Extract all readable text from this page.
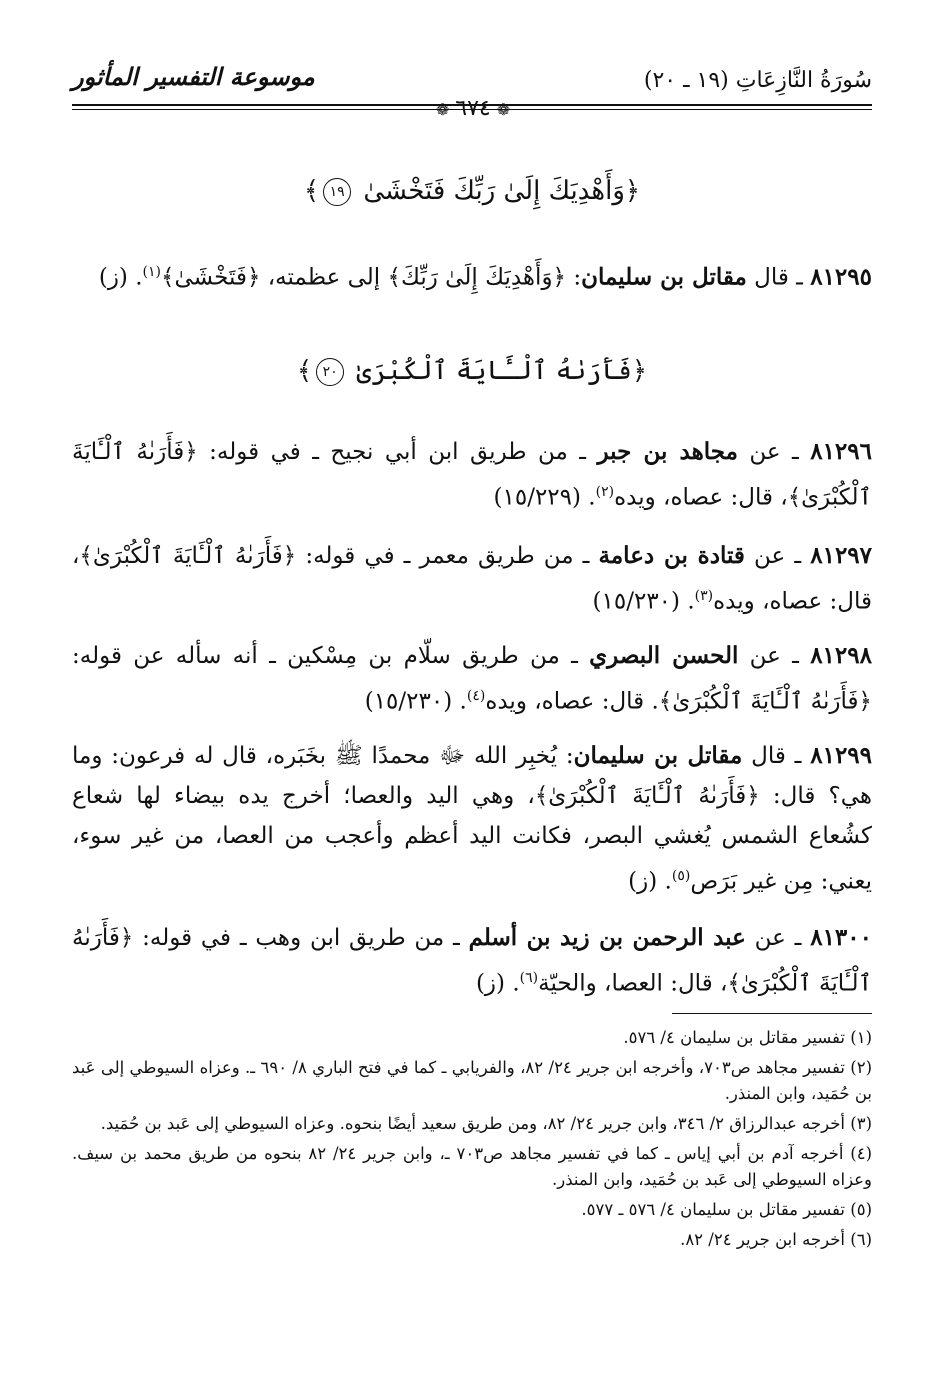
سُورَةُ النَّازِعَاتِ (١٩ ـ ٢٠)
موسوعة التفسير المأثور
❁٦٧٤❁
﴿وَأَهْدِيَكَ إِلَىٰ رَبِّكَ فَتَخْشَىٰ ١٩﴾
٨١٢٩٥ ـ قال مقاتل بن سليمان: ﴿وَأَهْدِيَكَ إِلَىٰ رَبِّكَ﴾ إلى عظمته، ﴿فَتَخْشَىٰ﴾$^{(١)}$. (ز)
﴿فَأَرَىٰهُ ٱلْـَٔايَةَ ٱلْكُبْرَىٰ ٢٠﴾
٨١٢٩٦ ـ عن مجاهد بن جبر ـ من طريق ابن أبي نجيح ـ في قوله: ﴿فَأَرَىٰهُ ٱلْـَٔايَةَ ٱلْكُبْرَىٰ﴾، قال: عصاه، ويده$^{(٢)}$. (١٥/٢٢٩)
٨١٢٩٧ ـ عن قتادة بن دعامة ـ من طريق معمر ـ في قوله: ﴿فَأَرَىٰهُ ٱلْـَٔايَةَ ٱلْكُبْرَىٰ﴾، قال: عصاه، ويده$^{(٣)}$. (١٥/٢٣٠)
٨١٢٩٨ ـ عن الحسن البصري ـ من طريق سلّام بن مِسْكين ـ أنه سأله عن قوله: ﴿فَأَرَىٰهُ ٱلْـَٔايَةَ ٱلْكُبْرَىٰ﴾. قال: عصاه، ويده$^{(٤)}$. (١٥/٢٣٠)
٨١٢٩٩ ـ قال مقاتل بن سليمان: يُخبِر الله ﷻ محمدًا ﷺ بخَبَره، قال له فرعون: وما هي؟ قال: ﴿فَأَرَىٰهُ ٱلْـَٔايَةَ ٱلْكُبْرَىٰ﴾، وهي اليد والعصا؛ أخرج يده بيضاء لها شعاع كشُعاع الشمس يُغشي البصر، فكانت اليد أعظم وأعجب من العصا، من غير سوء، يعني: مِن غير بَرَص$^{(٥)}$. (ز)
٨١٣٠٠ ـ عن عبد الرحمن بن زيد بن أسلم ـ من طريق ابن وهب ـ في قوله: ﴿فَأَرَىٰهُ ٱلْـَٔايَةَ ٱلْكُبْرَىٰ﴾، قال: العصا، والحيّة$^{(٦)}$. (ز)

(١) تفسير مقاتل بن سليمان ٤/ ٥٧٦.

(٢) تفسير مجاهد ص٧٠٣، وأخرجه ابن جرير ٢٤/ ٨٢، والفريابي ـ كما في فتح الباري ٨/ ٦٩٠ ـ. وعزاه السيوطي إلى عَبد بن حُمَيد، وابن المنذر.

(٣) أخرجه عبدالرزاق ٢/ ٣٤٦، وابن جرير ٢٤/ ٨٢، ومن طريق سعيد أيضًا بنحوه. وعزاه السيوطي إلى عَبد بن حُمَيد.

(٤) أخرجه آدم بن أبي إياس ـ كما في تفسير مجاهد ص٧٠٣ ـ، وابن جرير ٢٤/ ٨٢ بنحوه من طريق محمد بن سيف. وعزاه السيوطي إلى عَبد بن حُمَيد، وابن المنذر.

(٥) تفسير مقاتل بن سليمان ٤/ ٥٧٦ ـ ٥٧٧.

(٦) أخرجه ابن جرير ٢٤/ ٨٢.
